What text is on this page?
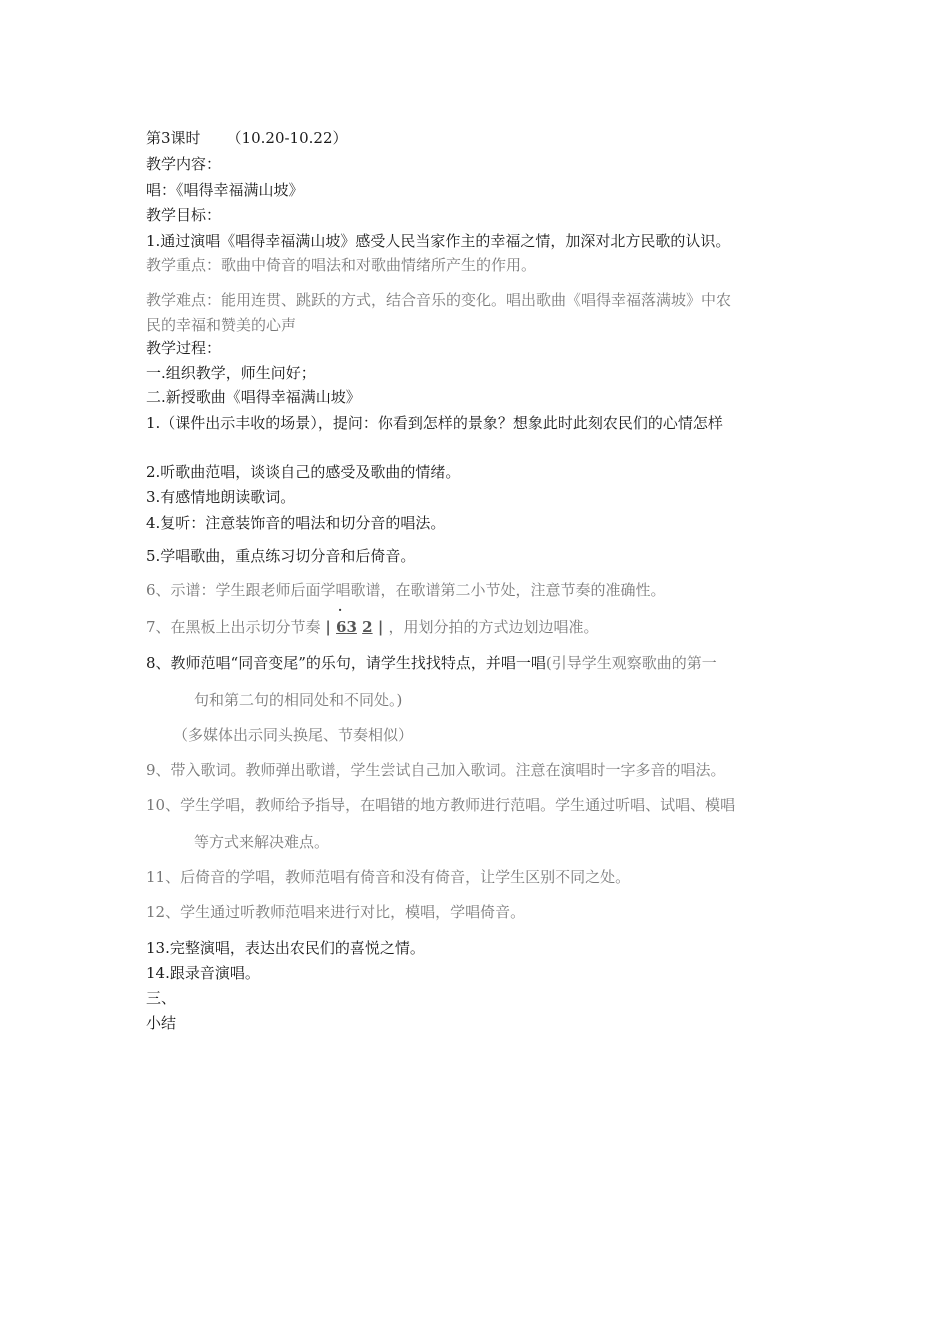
第3课时 （10.20-10.22）
教学内容：
唱：《唱得幸福满山坡》
教学目标：
1.通过演唱《唱得幸福满山坡》感受人民当家作主的幸福之情，加深对北方民歌的认识。
教学重点：歌曲中倚音的唱法和对歌曲情绪所产生的作用。
教学难点：能用连贯、跳跃的方式，结合音乐的变化。唱出歌曲《唱得幸福落满坡》中农
民的幸福和赞美的心声
教学过程：
一.组织教学，师生问好；
二.新授歌曲《唱得幸福满山坡》
1.（课件出示丰收的场景），提问：你看到怎样的景象？想象此时此刻农民们的心情怎样
2.听歌曲范唱，谈谈自己的感受及歌曲的情绪。
3.有感情地朗读歌词。
4.复听：注意装饰音的唱法和切分音的唱法。
5.学唱歌曲，重点练习切分音和后倚音。
6、示谱：学生跟老师后面学唱歌谱，在歌谱第二小节处，注意节奏的准确性。
7、在黑板上出示切分节奏 |
·
63 2 | ，用划分拍的方式边划边唱准。
8、教师范唱“同音变尾”的乐句，请学生找找特点，并唱一唱(引导学生观察歌曲的第一
句和第二句的相同处和不同处。)
（多媒体出示同头换尾、节奏相似）
9、带入歌词。教师弹出歌谱，学生尝试自己加入歌词。注意在演唱时一字多音的唱法。
10、学生学唱，教师给予指导，在唱错的地方教师进行范唱。学生通过听唱、试唱、模唱
等方式来解决难点。
11、后倚音的学唱，教师范唱有倚音和没有倚音，让学生区别不同之处。
12、学生通过听教师范唱来进行对比，模唱，学唱倚音。
13.完整演唱，表达出农民们的喜悦之情。
14.跟录音演唱。
三、
小结
